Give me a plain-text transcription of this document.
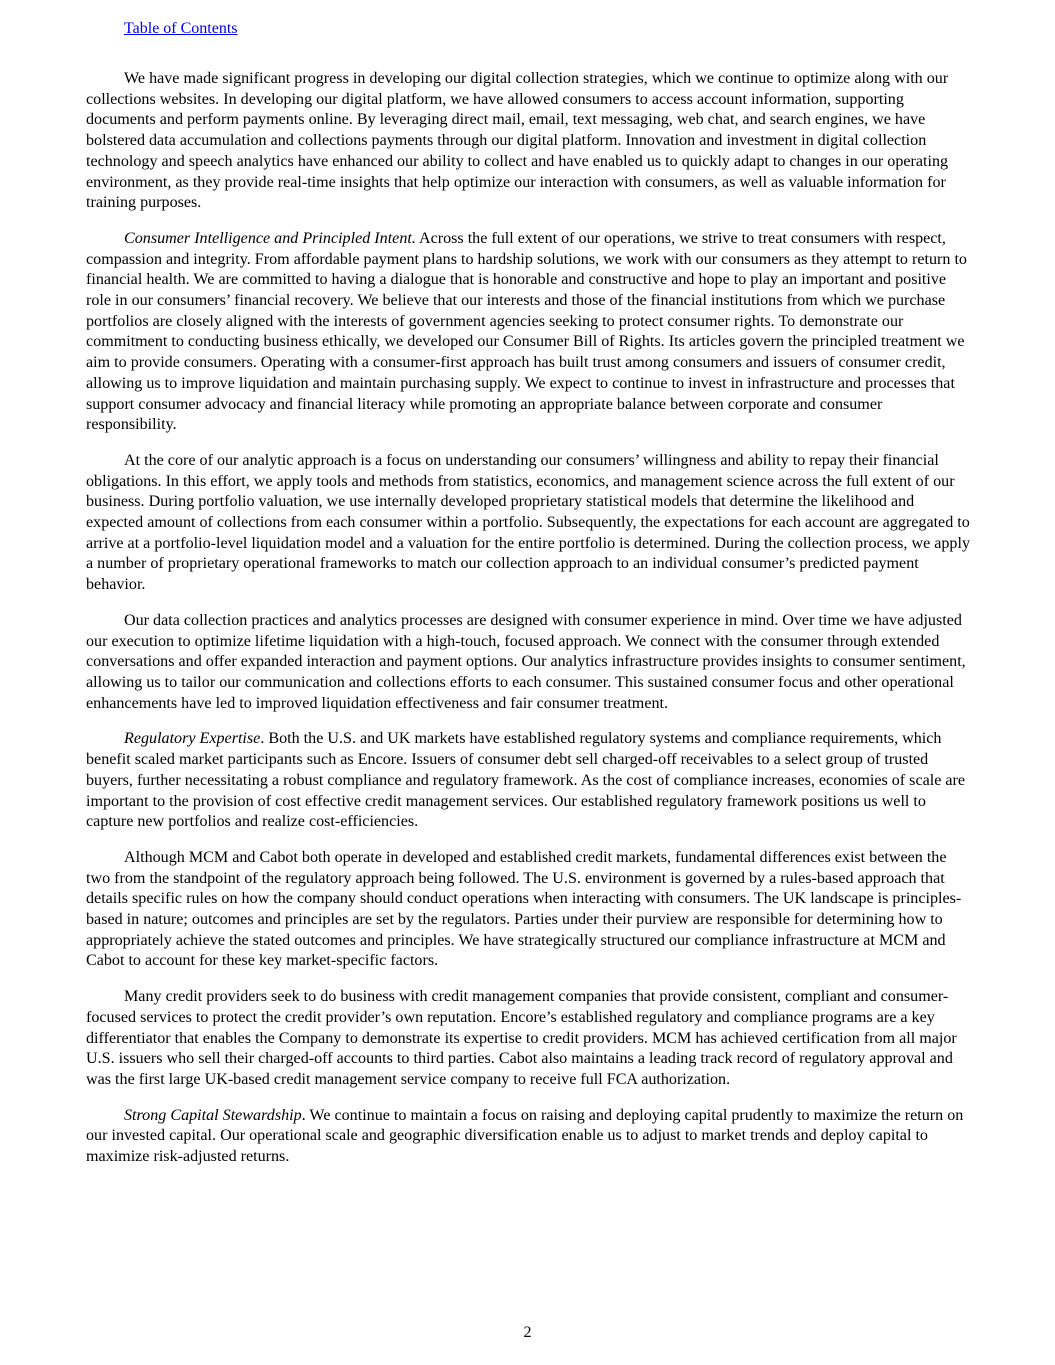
Table of Contents

We have made significant progress in developing our digital collection strategies, which we continue to optimize along with our collections websites. In developing our digital platform, we have allowed consumers to access account information, supporting documents and perform payments online. By leveraging direct mail, email, text messaging, web chat, and search engines, we have bolstered data accumulation and collections payments through our digital platform. Innovation and investment in digital collection technology and speech analytics have enhanced our ability to collect and have enabled us to quickly adapt to changes in our operating environment, as they provide real-time insights that help optimize our interaction with consumers, as well as valuable information for training purposes.

Consumer Intelligence and Principled Intent. Across the full extent of our operations, we strive to treat consumers with respect, compassion and integrity. From affordable payment plans to hardship solutions, we work with our consumers as they attempt to return to financial health. We are committed to having a dialogue that is honorable and constructive and hope to play an important and positive role in our consumers’ financial recovery. We believe that our interests and those of the financial institutions from which we purchase portfolios are closely aligned with the interests of government agencies seeking to protect consumer rights. To demonstrate our commitment to conducting business ethically, we developed our Consumer Bill of Rights. Its articles govern the principled treatment we aim to provide consumers. Operating with a consumer-first approach has built trust among consumers and issuers of consumer credit, allowing us to improve liquidation and maintain purchasing supply. We expect to continue to invest in infrastructure and processes that support consumer advocacy and financial literacy while promoting an appropriate balance between corporate and consumer responsibility.

At the core of our analytic approach is a focus on understanding our consumers’ willingness and ability to repay their financial obligations. In this effort, we apply tools and methods from statistics, economics, and management science across the full extent of our business. During portfolio valuation, we use internally developed proprietary statistical models that determine the likelihood and expected amount of collections from each consumer within a portfolio. Subsequently, the expectations for each account are aggregated to arrive at a portfolio-level liquidation model and a valuation for the entire portfolio is determined. During the collection process, we apply a number of proprietary operational frameworks to match our collection approach to an individual consumer’s predicted payment behavior.

Our data collection practices and analytics processes are designed with consumer experience in mind. Over time we have adjusted our execution to optimize lifetime liquidation with a high-touch, focused approach. We connect with the consumer through extended conversations and offer expanded interaction and payment options. Our analytics infrastructure provides insights to consumer sentiment, allowing us to tailor our communication and collections efforts to each consumer. This sustained consumer focus and other operational enhancements have led to improved liquidation effectiveness and fair consumer treatment.

Regulatory Expertise. Both the U.S. and UK markets have established regulatory systems and compliance requirements, which benefit scaled market participants such as Encore. Issuers of consumer debt sell charged-off receivables to a select group of trusted buyers, further necessitating a robust compliance and regulatory framework. As the cost of compliance increases, economies of scale are important to the provision of cost effective credit management services. Our established regulatory framework positions us well to capture new portfolios and realize cost-efficiencies.

Although MCM and Cabot both operate in developed and established credit markets, fundamental differences exist between the two from the standpoint of the regulatory approach being followed. The U.S. environment is governed by a rules-based approach that details specific rules on how the company should conduct operations when interacting with consumers. The UK landscape is principles-based in nature; outcomes and principles are set by the regulators. Parties under their purview are responsible for determining how to appropriately achieve the stated outcomes and principles. We have strategically structured our compliance infrastructure at MCM and Cabot to account for these key market-specific factors.

Many credit providers seek to do business with credit management companies that provide consistent, compliant and consumer-focused services to protect the credit provider’s own reputation. Encore’s established regulatory and compliance programs are a key differentiator that enables the Company to demonstrate its expertise to credit providers. MCM has achieved certification from all major U.S. issuers who sell their charged-off accounts to third parties. Cabot also maintains a leading track record of regulatory approval and was the first large UK-based credit management service company to receive full FCA authorization.

Strong Capital Stewardship. We continue to maintain a focus on raising and deploying capital prudently to maximize the return on our invested capital. Our operational scale and geographic diversification enable us to adjust to market trends and deploy capital to maximize risk-adjusted returns.

2
